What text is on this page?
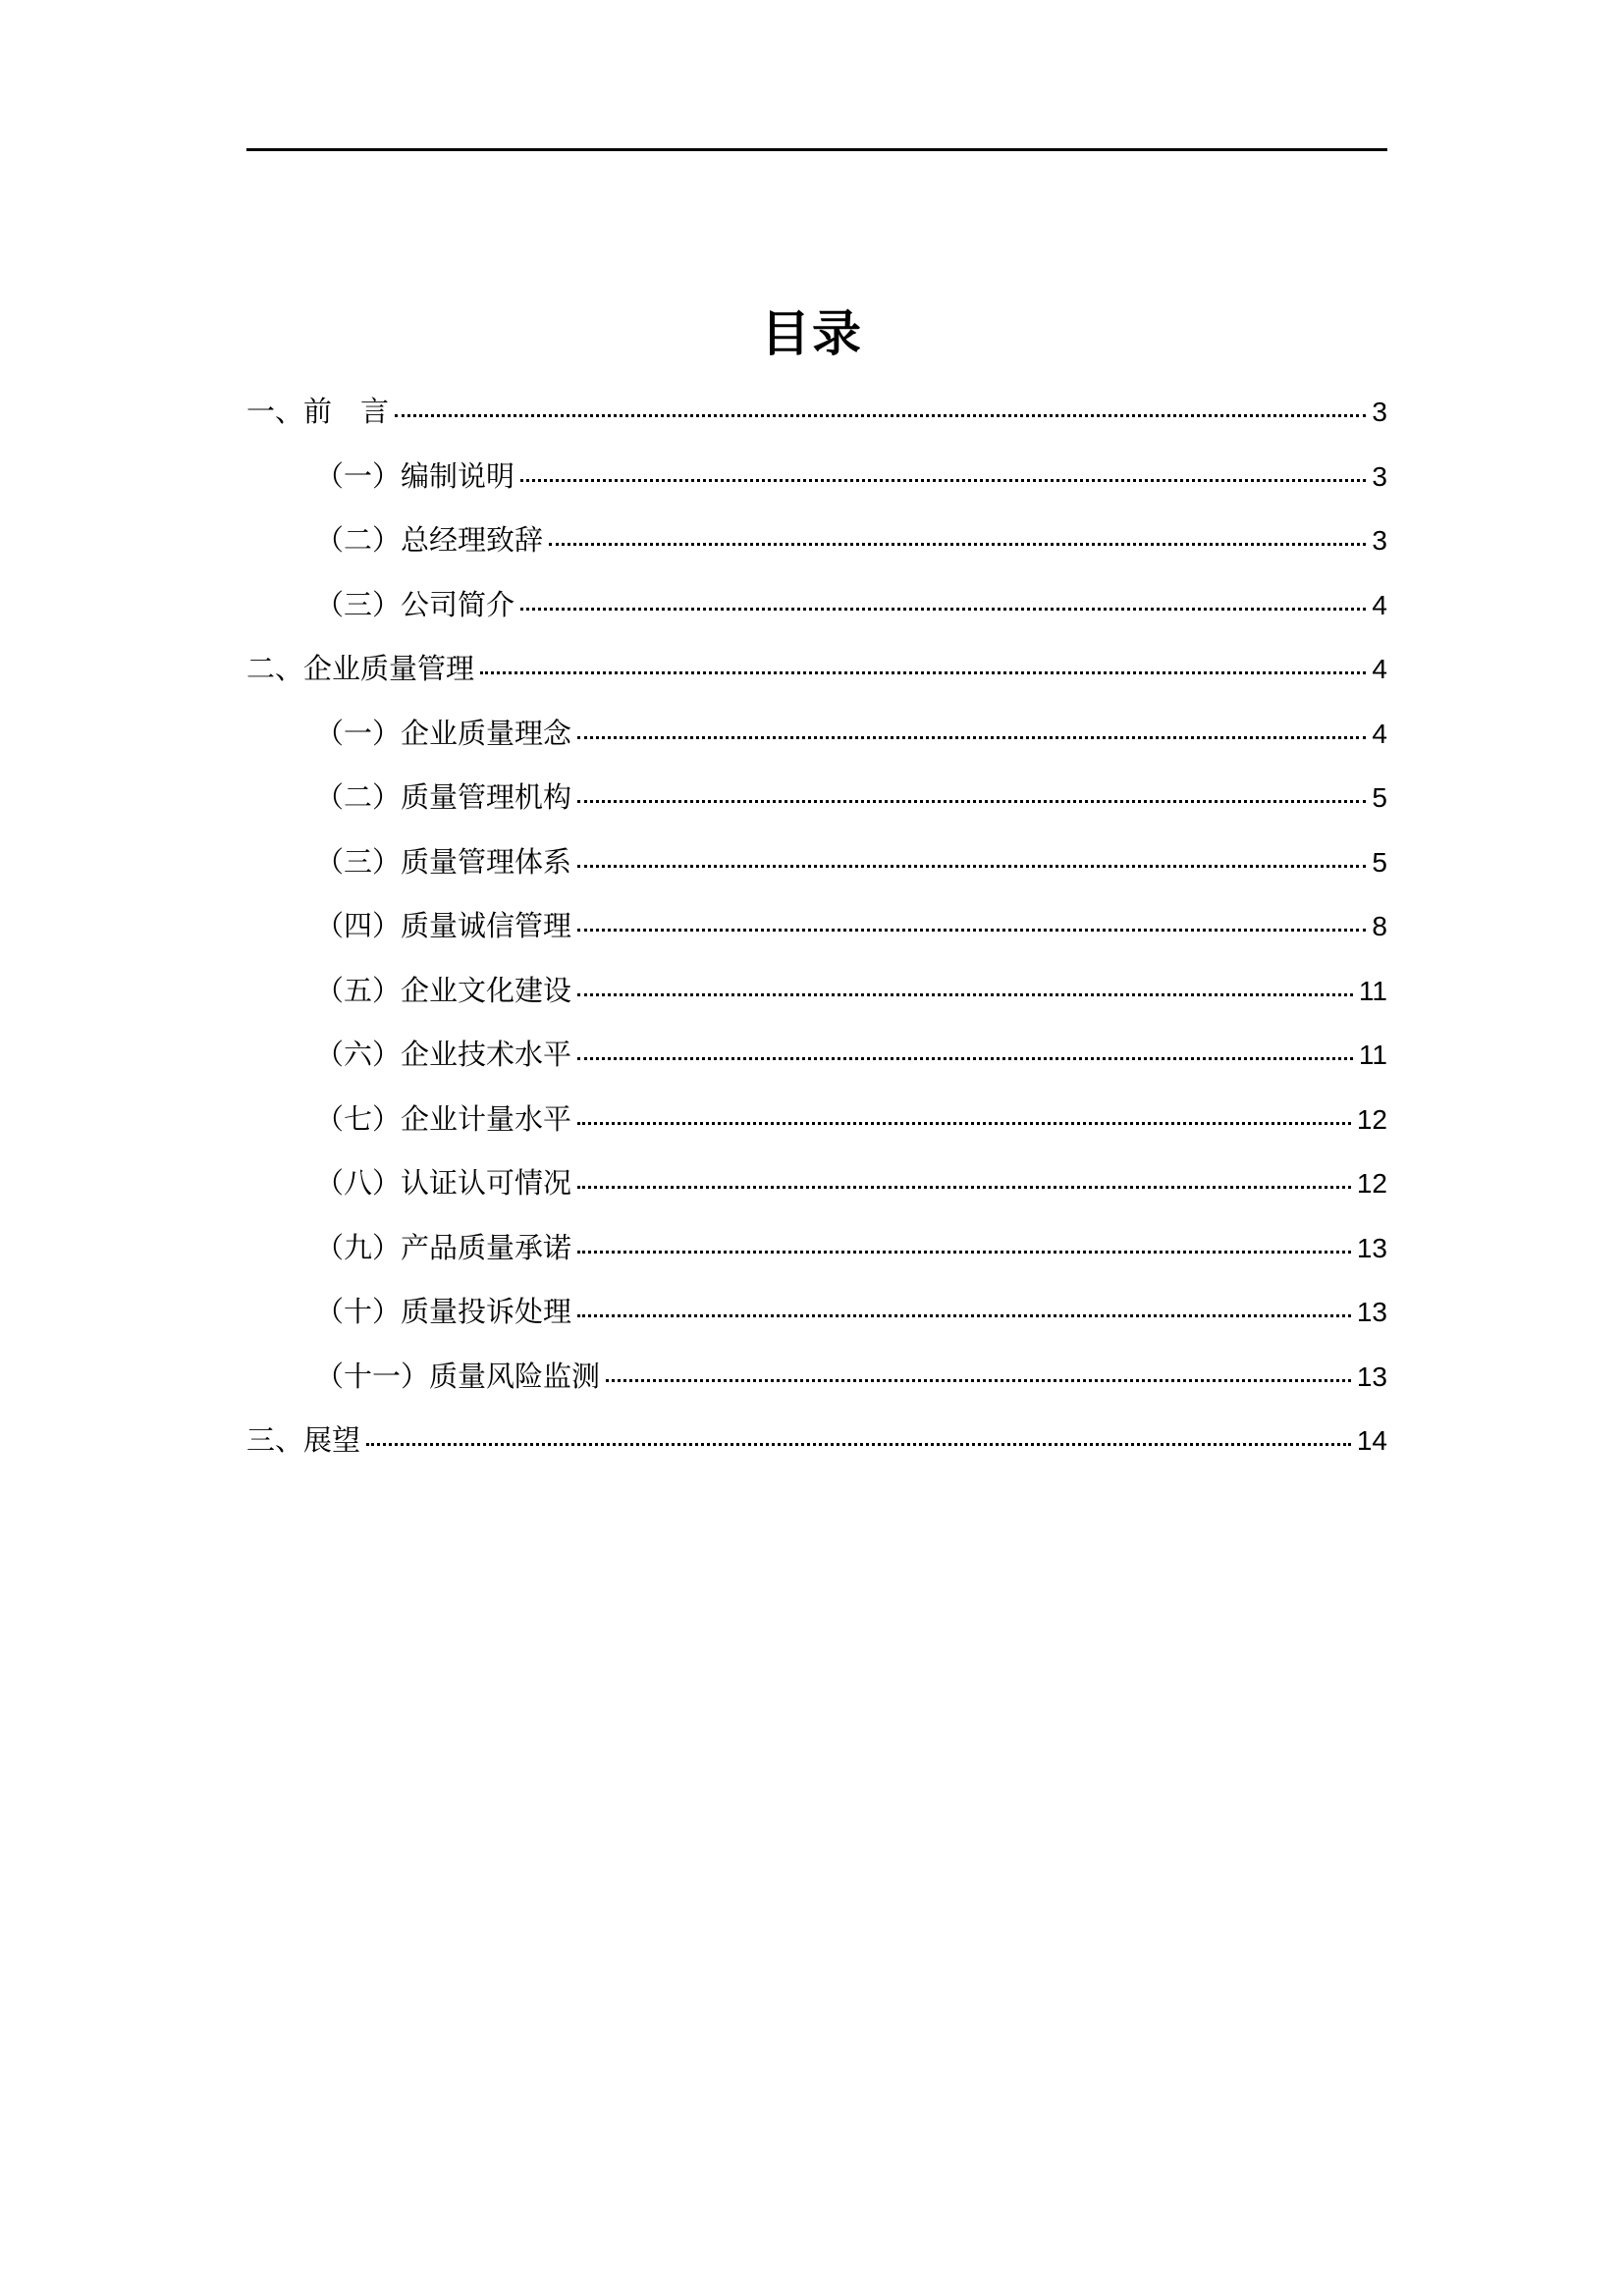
目录
一、前　言	3
（一）编制说明	3
（二）总经理致辞	3
（三）公司简介	4
二、企业质量管理	4
（一）企业质量理念	4
（二）质量管理机构	5
（三）质量管理体系	5
（四）质量诚信管理	8
（五）企业文化建设	11
（六）企业技术水平	11
（七）企业计量水平	12
（八）认证认可情况	12
（九）产品质量承诺	13
（十）质量投诉处理	13
（十一）质量风险监测	13
三、展望	14
